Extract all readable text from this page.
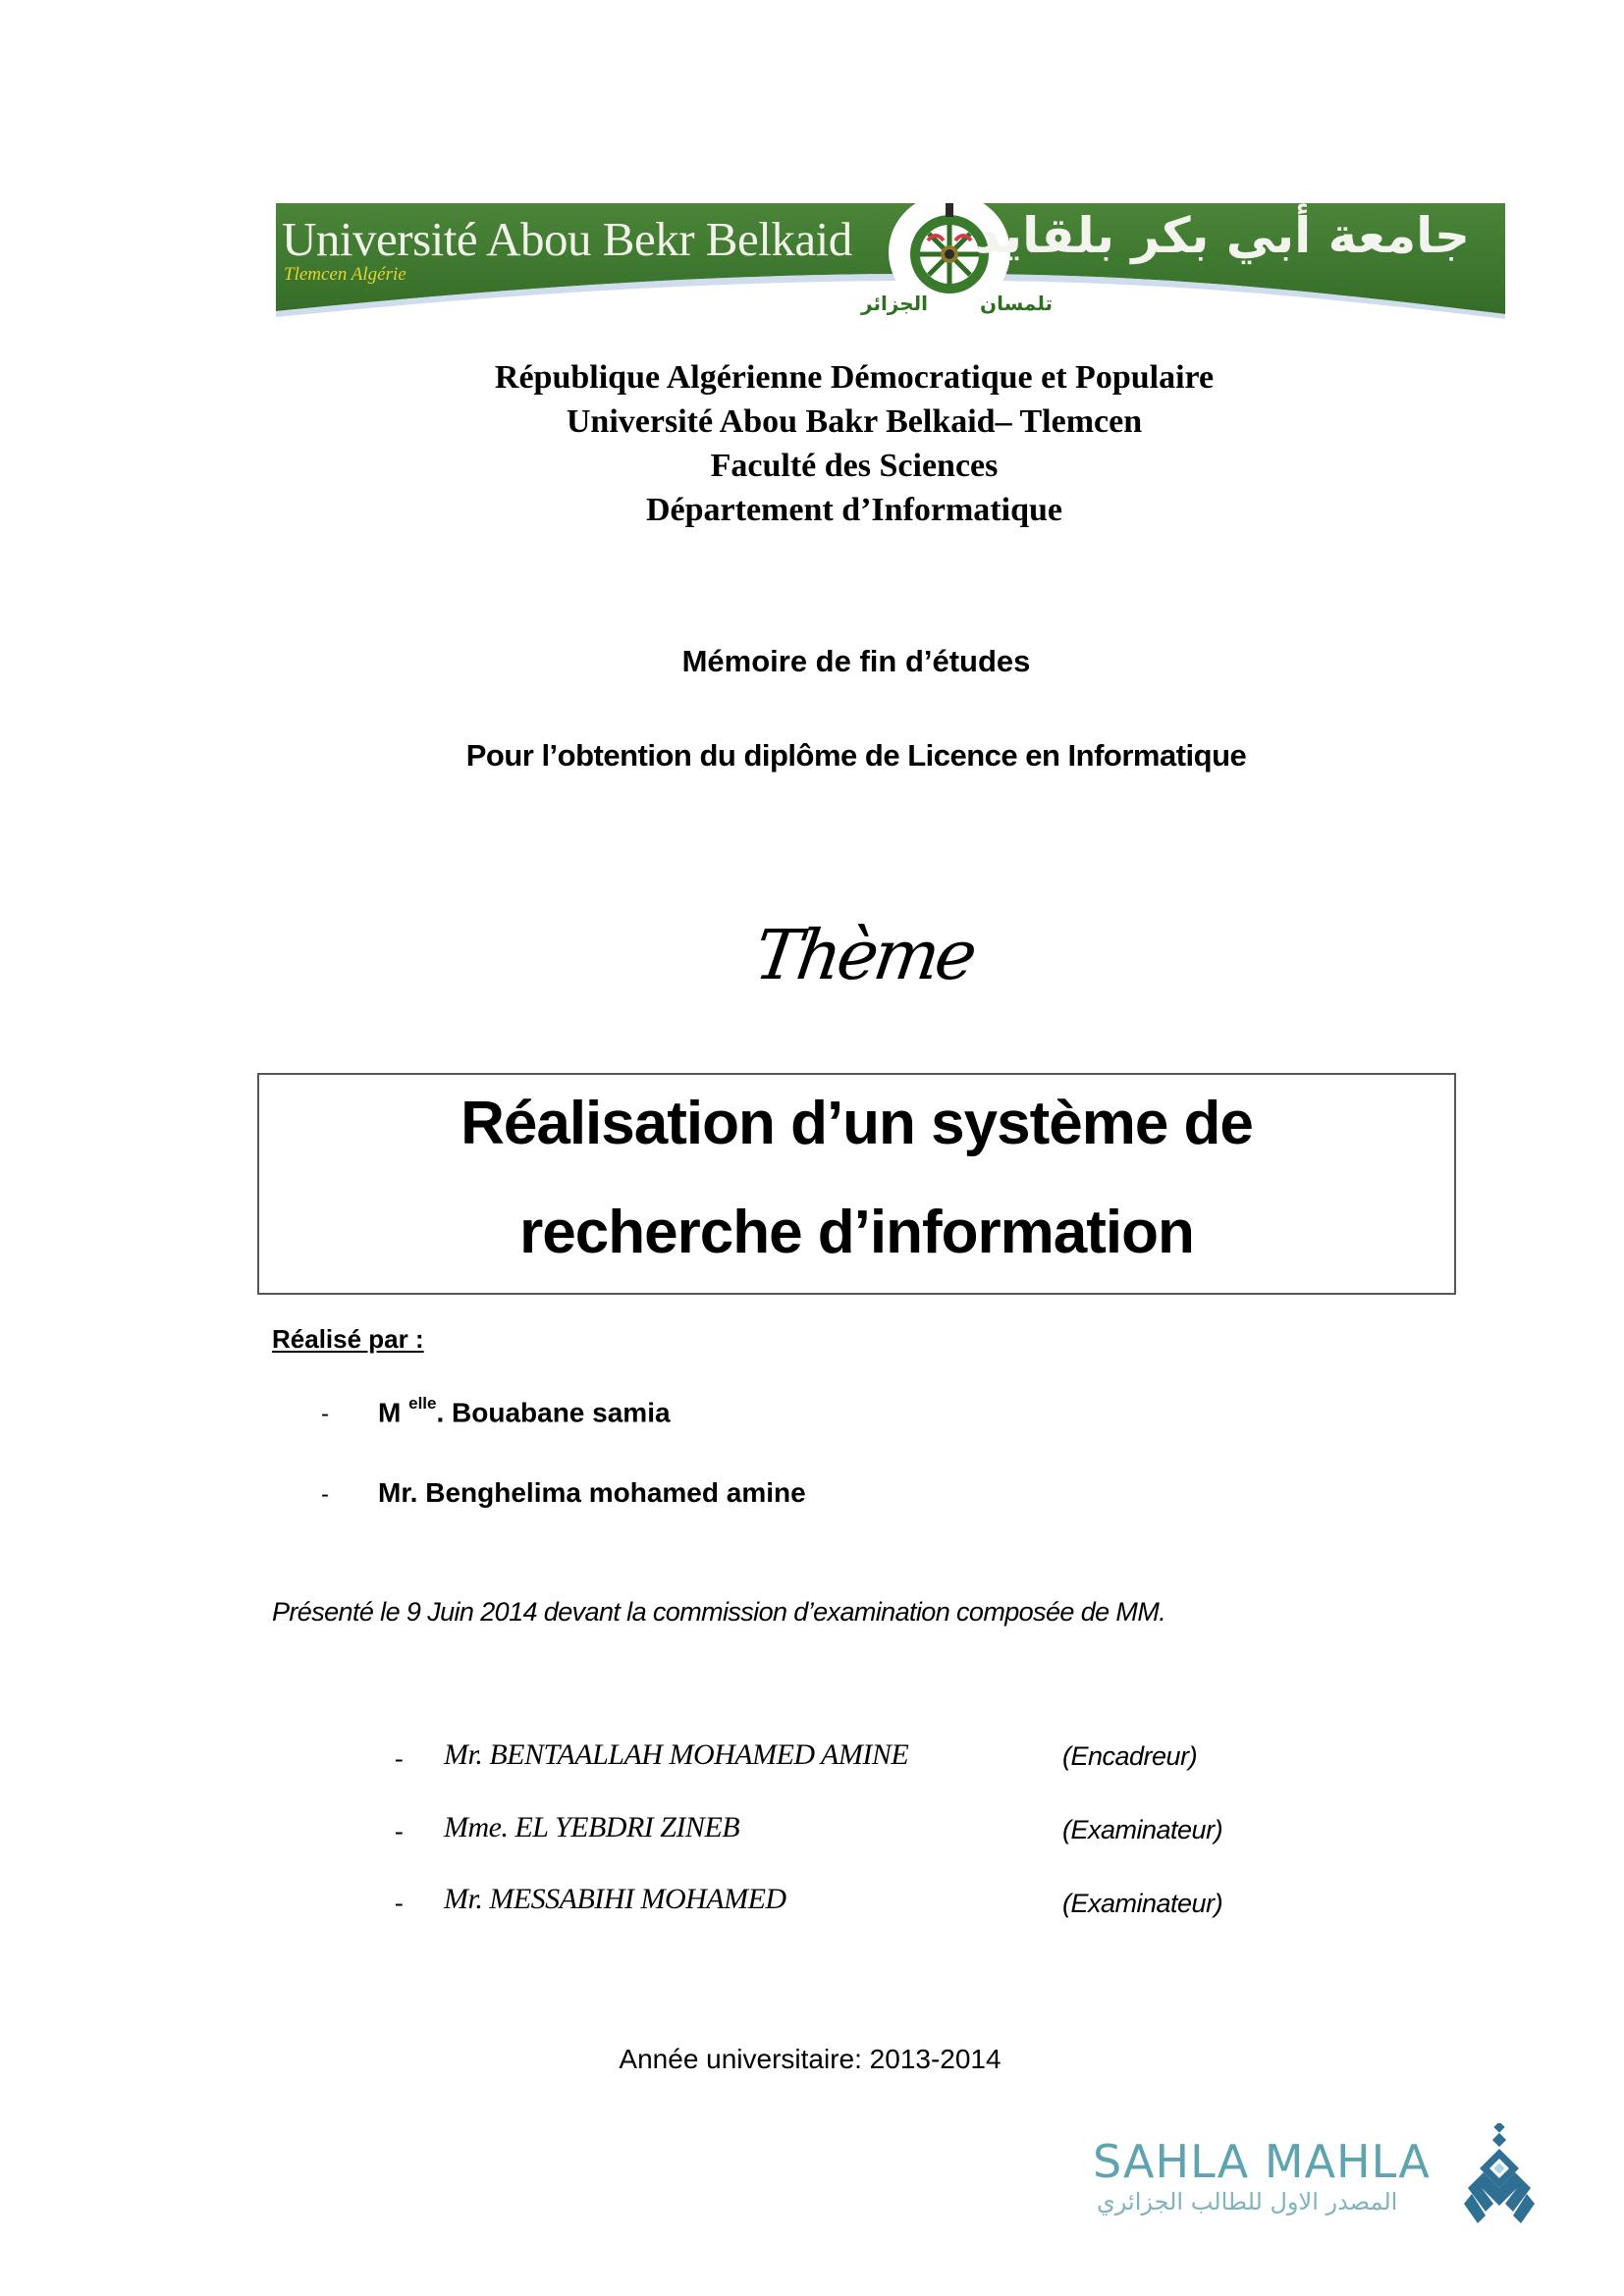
Université Abou Bekr Belkaid
Tlemcen Algérie
جامعة أبي بكر بلقايد
الجزائر	تلمسان
République Algérienne Démocratique et Populaire
Université Abou Bakr Belkaid– Tlemcen
Faculté des Sciences
Département d’Informatique
Mémoire de fin d’études
Pour l’obtention du diplôme de Licence en Informatique
Thème
Réalisation d’un système de
recherche d’information
Réalisé par :
- M $^{elle}$. Bouabane samia
- Mr. Benghelima mohamed amine
Présenté le 9 Juin 2014 devant la commission d’examination composée de MM.
- Mr. BENTAALLAH MOHAMED AMINE	(Encadreur)
- Mme. EL YEBDRI ZINEB	(Examinateur)
- Mr. MESSABIHI MOHAMED	(Examinateur)
Année universitaire: 2013-2014
SAHLA MAHLA
المصدر الاول للطالب الجزائري
